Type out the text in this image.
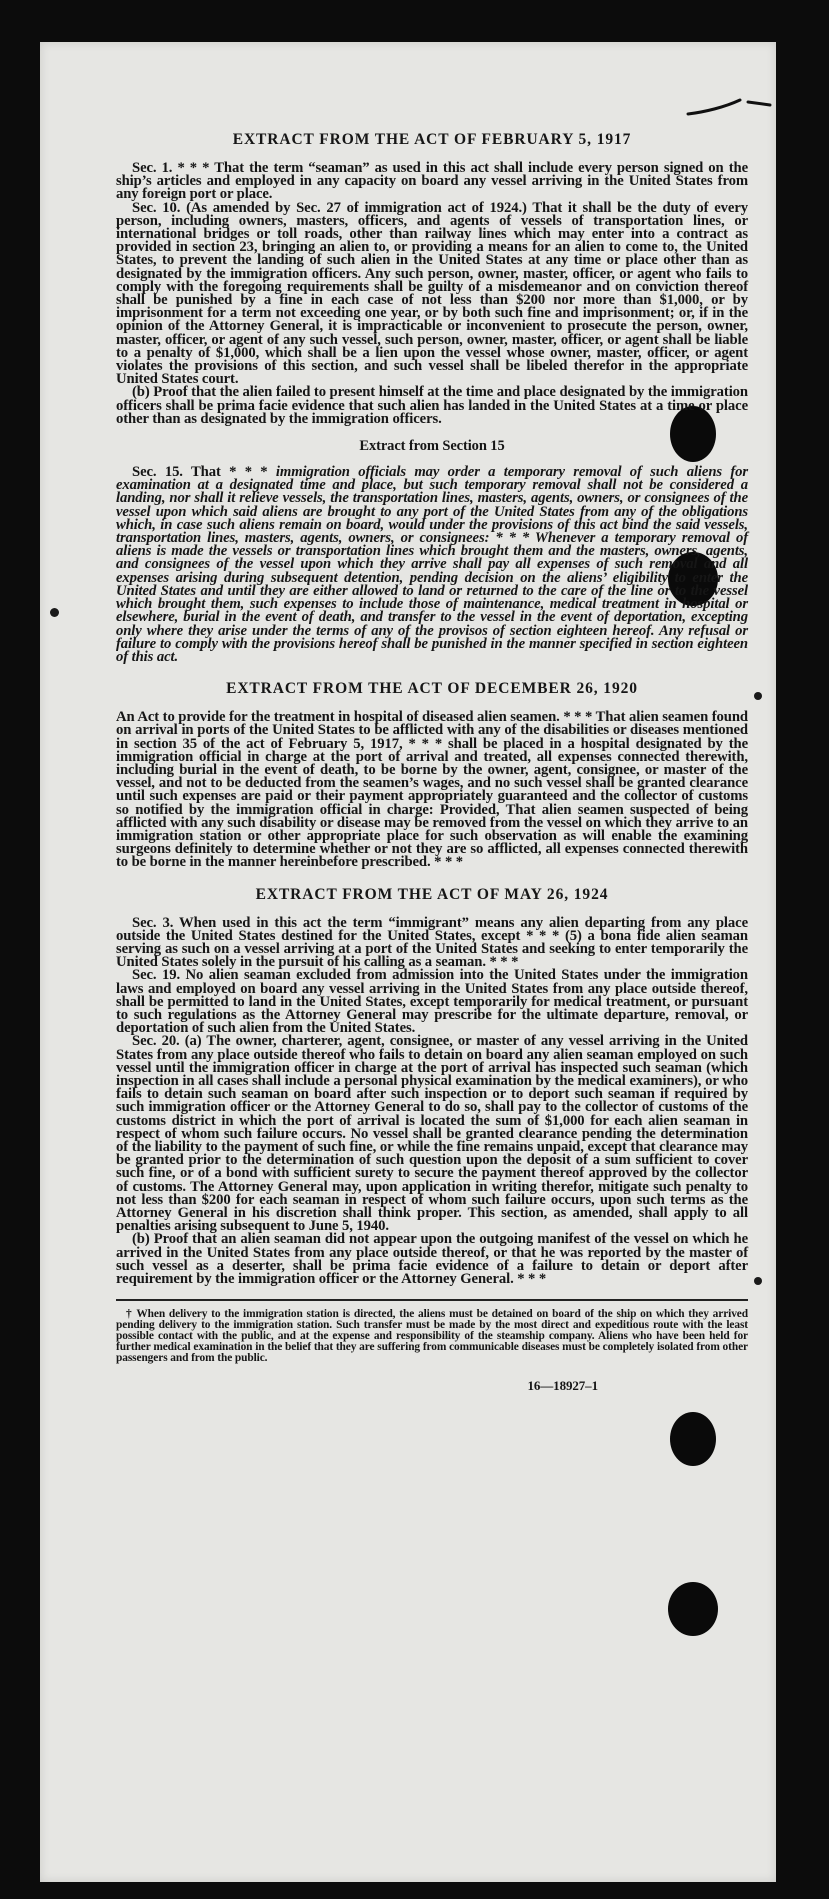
EXTRACT FROM THE ACT OF FEBRUARY 5, 1917

Sec. 1. * * * That the term “seaman” as used in this act shall include every person signed on the ship’s articles and employed in any capacity on board any vessel arriving in the United States from any foreign port or place.

Sec. 10. (As amended by Sec. 27 of immigration act of 1924.) That it shall be the duty of every person, including owners, masters, officers, and agents of vessels of transportation lines, or international bridges or toll roads, other than railway lines which may enter into a contract as provided in section 23, bringing an alien to, or providing a means for an alien to come to, the United States, to prevent the landing of such alien in the United States at any time or place other than as designated by the immigration officers. Any such person, owner, master, officer, or agent who fails to comply with the foregoing requirements shall be guilty of a misdemeanor and on conviction thereof shall be punished by a fine in each case of not less than $200 nor more than $1,000, or by imprisonment for a term not exceeding one year, or by both such fine and imprisonment; or, if in the opinion of the Attorney General, it is impracticable or inconvenient to prosecute the person, owner, master, officer, or agent of any such vessel, such person, owner, master, officer, or agent shall be liable to a penalty of $1,000, which shall be a lien upon the vessel whose owner, master, officer, or agent violates the provisions of this section, and such vessel shall be libeled therefor in the appropriate United States court.

(b) Proof that the alien failed to present himself at the time and place designated by the immigration officers shall be prima facie evidence that such alien has landed in the United States at a time or place other than as designated by the immigration officers.

Extract from Section 15

Sec. 15. That * * * immigration officials may order a temporary removal of such aliens for examination at a designated time and place, but such temporary removal shall not be considered a landing, nor shall it relieve vessels, the transportation lines, masters, agents, owners, or consignees of the vessel upon which said aliens are brought to any port of the United States from any of the obligations which, in case such aliens remain on board, would under the provisions of this act bind the said vessels, transportation lines, masters, agents, owners, or consignees: * * * Whenever a temporary removal of aliens is made the vessels or transportation lines which brought them and the masters, owners, agents, and consignees of the vessel upon which they arrive shall pay all expenses of such removal and all expenses arising during subsequent detention, pending decision on the aliens’ eligibility to enter the United States and until they are either allowed to land or returned to the care of the line or to the vessel which brought them, such expenses to include those of maintenance, medical treatment in hospital or elsewhere, burial in the event of death, and transfer to the vessel in the event of deportation, excepting only where they arise under the terms of any of the provisos of section eighteen hereof. Any refusal or failure to comply with the provisions hereof shall be punished in the manner specified in section eighteen of this act.

EXTRACT FROM THE ACT OF DECEMBER 26, 1920

An Act to provide for the treatment in hospital of diseased alien seamen. * * * That alien seamen found on arrival in ports of the United States to be afflicted with any of the disabilities or diseases mentioned in section 35 of the act of February 5, 1917, * * * shall be placed in a hospital designated by the immigration official in charge at the port of arrival and treated, all expenses connected therewith, including burial in the event of death, to be borne by the owner, agent, consignee, or master of the vessel, and not to be deducted from the seamen’s wages, and no such vessel shall be granted clearance until such expenses are paid or their payment appropriately guaranteed and the collector of customs so notified by the immigration official in charge: Provided, That alien seamen suspected of being afflicted with any such disability or disease may be removed from the vessel on which they arrive to an immigration station or other appropriate place for such observation as will enable the examining surgeons definitely to determine whether or not they are so afflicted, all expenses connected therewith to be borne in the manner hereinbefore prescribed. * * *

EXTRACT FROM THE ACT OF MAY 26, 1924

Sec. 3. When used in this act the term “immigrant” means any alien departing from any place outside the United States destined for the United States, except * * * (5) a bona fide alien seaman serving as such on a vessel arriving at a port of the United States and seeking to enter temporarily the United States solely in the pursuit of his calling as a seaman. * * *

Sec. 19. No alien seaman excluded from admission into the United States under the immigration laws and employed on board any vessel arriving in the United States from any place outside thereof, shall be permitted to land in the United States, except temporarily for medical treatment, or pursuant to such regulations as the Attorney General may prescribe for the ultimate departure, removal, or deportation of such alien from the United States.

Sec. 20. (a) The owner, charterer, agent, consignee, or master of any vessel arriving in the United States from any place outside thereof who fails to detain on board any alien seaman employed on such vessel until the immigration officer in charge at the port of arrival has inspected such seaman (which inspection in all cases shall include a personal physical examination by the medical examiners), or who fails to detain such seaman on board after such inspection or to deport such seaman if required by such immigration officer or the Attorney General to do so, shall pay to the collector of customs of the customs district in which the port of arrival is located the sum of $1,000 for each alien seaman in respect of whom such failure occurs. No vessel shall be granted clearance pending the determination of the liability to the payment of such fine, or while the fine remains unpaid, except that clearance may be granted prior to the determination of such question upon the deposit of a sum sufficient to cover such fine, or of a bond with sufficient surety to secure the payment thereof approved by the collector of customs. The Attorney General may, upon application in writing therefor, mitigate such penalty to not less than $200 for each seaman in respect of whom such failure occurs, upon such terms as the Attorney General in his discretion shall think proper. This section, as amended, shall apply to all penalties arising subsequent to June 5, 1940.

(b) Proof that an alien seaman did not appear upon the outgoing manifest of the vessel on which he arrived in the United States from any place outside thereof, or that he was reported by the master of such vessel as a deserter, shall be prima facie evidence of a failure to detain or deport after requirement by the immigration officer or the Attorney General. * * *

† When delivery to the immigration station is directed, the aliens must be detained on board of the ship on which they arrived pending delivery to the immigration station. Such transfer must be made by the most direct and expeditious route with the least possible contact with the public, and at the expense and responsibility of the steamship company. Aliens who have been held for further medical examination in the belief that they are suffering from communicable diseases must be completely isolated from other passengers and from the public.

16—18927–1
